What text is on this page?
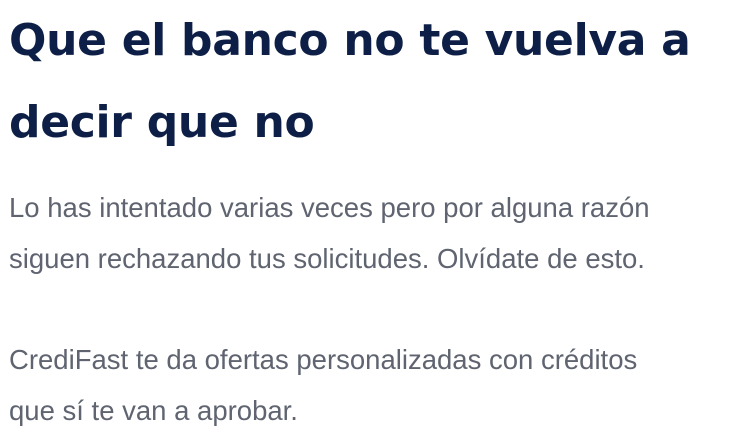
Que el banco no te vuelva a
decir que no

Lo has intentado varias veces pero por alguna razón
siguen rechazando tus solicitudes. Olvídate de esto.

CrediFast te da ofertas personalizadas con créditos
que sí te van a aprobar.
